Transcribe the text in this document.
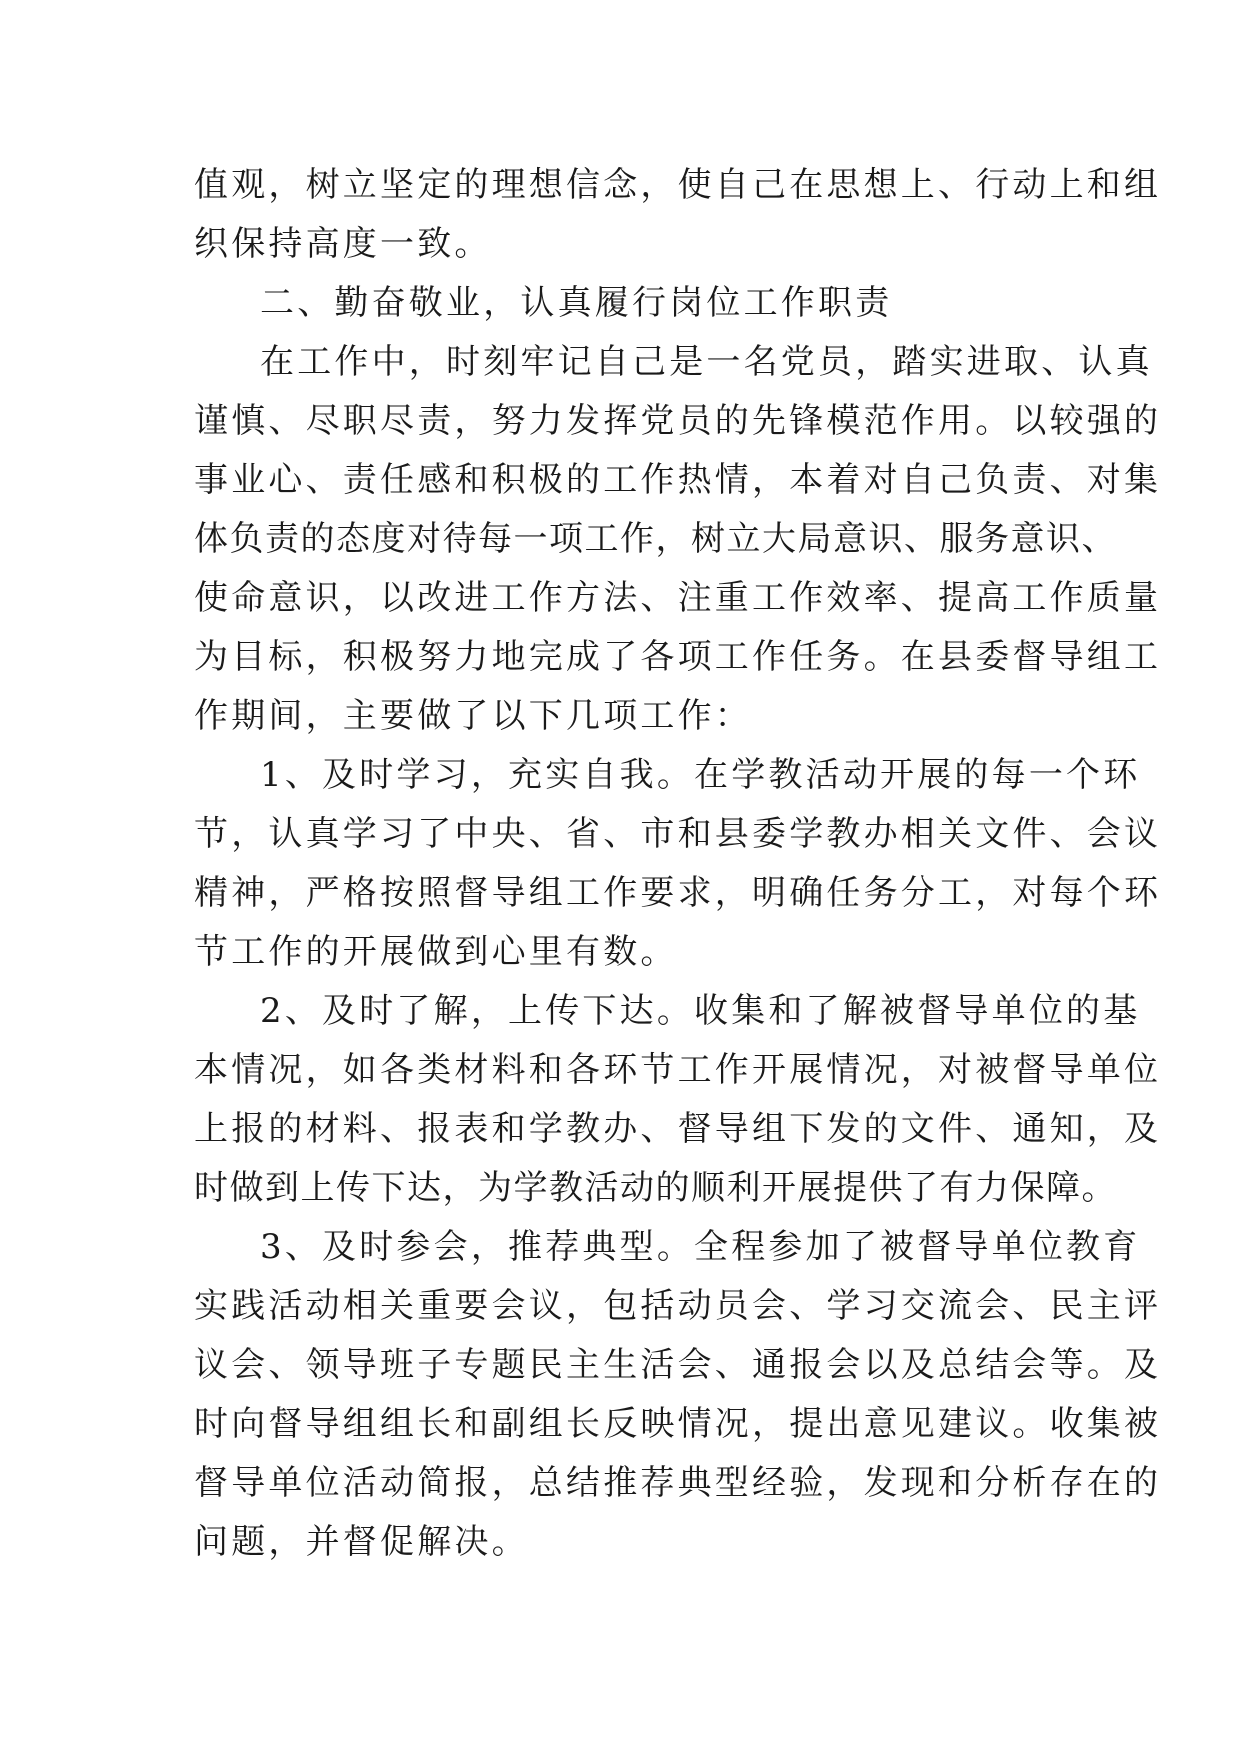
值观，树立坚定的理想信念，使自己在思想上、行动上和组
织保持高度一致。
二、勤奋敬业，认真履行岗位工作职责
在工作中，时刻牢记自己是一名党员，踏实进取、认真
谨慎、尽职尽责，努力发挥党员的先锋模范作用。以较强的
事业心、责任感和积极的工作热情，本着对自己负责、对集
体负责的态度对待每一项工作，树立大局意识、服务意识、
使命意识，以改进工作方法、注重工作效率、提高工作质量
为目标，积极努力地完成了各项工作任务。在县委督导组工
作期间，主要做了以下几项工作：
1、及时学习，充实自我。在学教活动开展的每一个环
节，认真学习了中央、省、市和县委学教办相关文件、会议
精神，严格按照督导组工作要求，明确任务分工，对每个环
节工作的开展做到心里有数。
2、及时了解，上传下达。收集和了解被督导单位的基
本情况，如各类材料和各环节工作开展情况，对被督导单位
上报的材料、报表和学教办、督导组下发的文件、通知，及
时做到上传下达，为学教活动的顺利开展提供了有力保障。
3、及时参会，推荐典型。全程参加了被督导单位教育
实践活动相关重要会议，包括动员会、学习交流会、民主评
议会、领导班子专题民主生活会、通报会以及总结会等。及
时向督导组组长和副组长反映情况，提出意见建议。收集被
督导单位活动简报，总结推荐典型经验，发现和分析存在的
问题，并督促解决。
